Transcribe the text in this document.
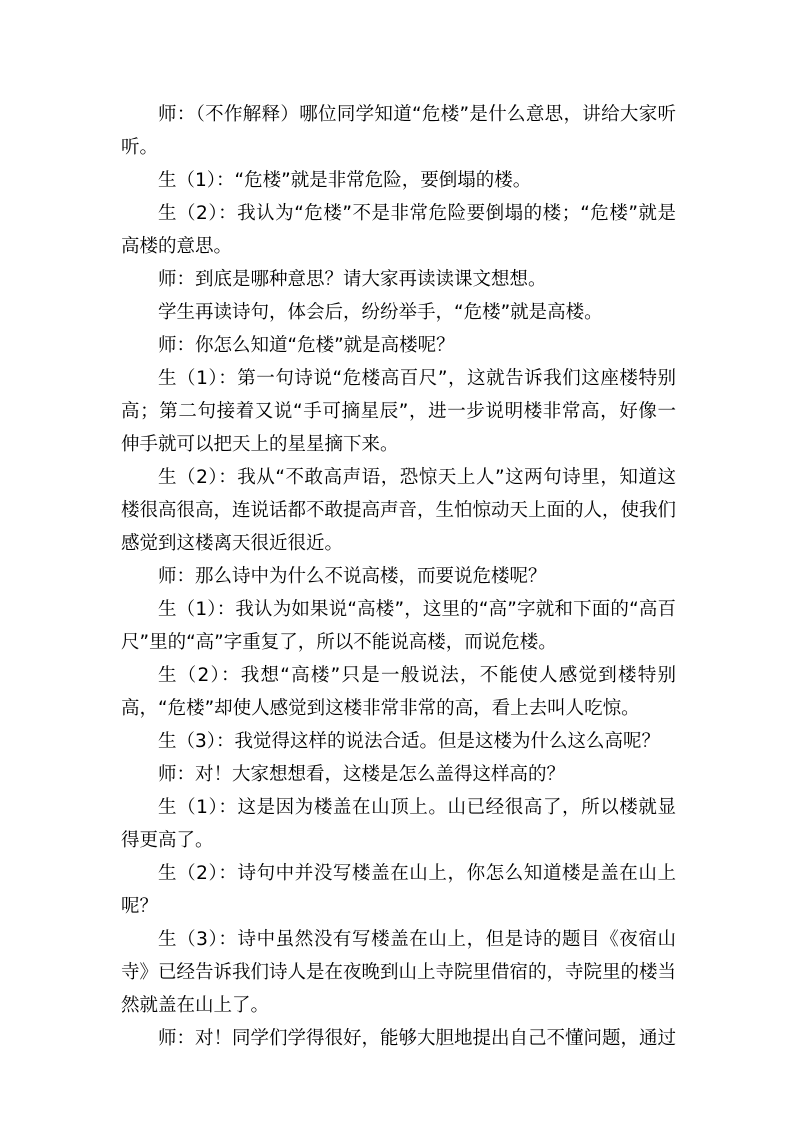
师：（不作解释）哪位同学知道“危楼”是什么意思，讲给大家听听。

生（1）：“危楼”就是非常危险，要倒塌的楼。

生（2）：我认为“危楼”不是非常危险要倒塌的楼；“危楼”就是高楼的意思。

师：到底是哪种意思？请大家再读读课文想想。

学生再读诗句，体会后，纷纷举手，“危楼”就是高楼。

师：你怎么知道“危楼”就是高楼呢？

生（1）：第一句诗说“危楼高百尺”，这就告诉我们这座楼特别高；第二句接着又说“手可摘星辰”，进一步说明楼非常高，好像一伸手就可以把天上的星星摘下来。

生（2）：我从“不敢高声语，恐惊天上人”这两句诗里，知道这楼很高很高，连说话都不敢提高声音，生怕惊动天上面的人，使我们感觉到这楼离天很近很近。

师：那么诗中为什么不说高楼，而要说危楼呢？

生（1）：我认为如果说“高楼”，这里的“高”字就和下面的“高百尺”里的“高”字重复了，所以不能说高楼，而说危楼。

生（2）：我想“高楼”只是一般说法，不能使人感觉到楼特别高，“危楼”却使人感觉到这楼非常非常的高，看上去叫人吃惊。

生（3）：我觉得这样的说法合适。但是这楼为什么这么高呢？

师：对！大家想想看，这楼是怎么盖得这样高的？

生（1）：这是因为楼盖在山顶上。山已经很高了，所以楼就显得更高了。

生（2）：诗句中并没写楼盖在山上，你怎么知道楼是盖在山上呢？

生（3）：诗中虽然没有写楼盖在山上，但是诗的题目《夜宿山寺》已经告诉我们诗人是在夜晚到山上寺院里借宿的，寺院里的楼当然就盖在山上了。

师：对！同学们学得很好，能够大胆地提出自己不懂问题，通过
